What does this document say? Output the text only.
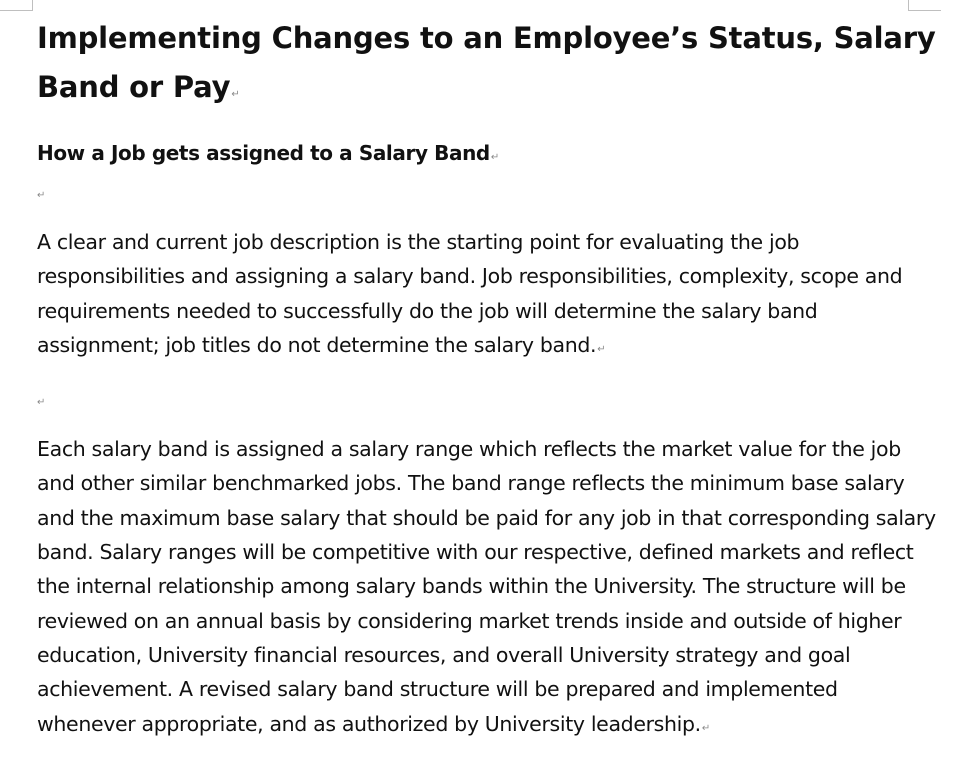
Implementing Changes to an Employee’s Status, Salary Band or Pay↵
How a Job gets assigned to a Salary Band↵
↵

A clear and current job description is the starting point for evaluating the job responsibilities and assigning a salary band. Job responsibilities, complexity, scope and requirements needed to successfully do the job will determine the salary band assignment; job titles do not determine the salary band.↵

↵

Each salary band is assigned a salary range which reflects the market value for the job and other similar benchmarked jobs. The band range reflects the minimum base salary and the maximum base salary that should be paid for any job in that corresponding salary band. Salary ranges will be competitive with our respective, defined markets and reflect the internal relationship among salary bands within the University. The structure will be reviewed on an annual basis by considering market trends inside and outside of higher education, University financial resources, and overall University strategy and goal achievement. A revised salary band structure will be prepared and implemented whenever appropriate, and as authorized by University leadership.↵
